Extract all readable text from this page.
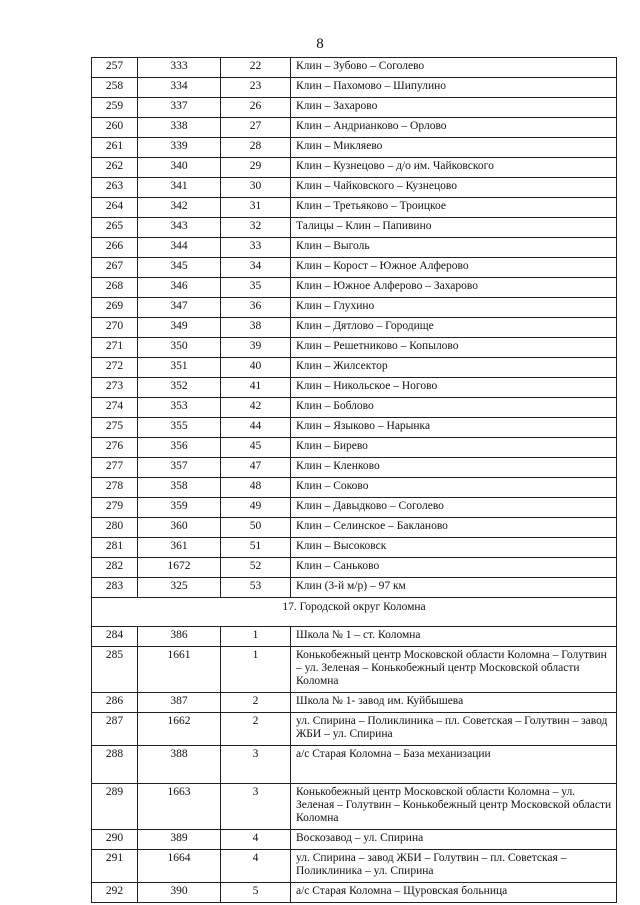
8
257	333	22	Клин – Зубово – Соголево
258	334	23	Клин – Пахомово – Шипулино
259	337	26	Клин – Захарово
260	338	27	Клин – Андрианково – Орлово
261	339	28	Клин – Микляево
262	340	29	Клин – Кузнецово – д/о им. Чайковского
263	341	30	Клин – Чайковского – Кузнецово
264	342	31	Клин – Третьяково – Троицкое
265	343	32	Талицы – Клин – Папивино
266	344	33	Клин – Выголь
267	345	34	Клин – Корост – Южное Алферово
268	346	35	Клин – Южное Алферово – Захарово
269	347	36	Клин – Глухино
270	349	38	Клин – Дятлово – Городище
271	350	39	Клин – Решетниково – Копылово
272	351	40	Клин – Жилсектор
273	352	41	Клин – Никольское – Ногово
274	353	42	Клин – Боблово
275	355	44	Клин – Языково – Нарынка
276	356	45	Клин – Бирево
277	357	47	Клин – Кленково
278	358	48	Клин – Соково
279	359	49	Клин – Давыдково – Соголево
280	360	50	Клин – Селинское – Бакланово
281	361	51	Клин – Высоковск
282	1672	52	Клин – Саньково
283	325	53	Клин (3-й м/р) – 97 км
17. Городской округ Коломна			
284	386	1	Школа № 1 – ст. Коломна
285	1661	1	Конькобежный центр Московской области Коломна – Голутвин – ул. Зеленая – Конькобежный центр Московской области Коломна
286	387	2	Школа № 1- завод им. Куйбышева
287	1662	2	ул. Спирина – Поликлиника – пл. Советская – Голутвин – завод ЖБИ – ул. Спирина
288	388	3	а/с Старая Коломна – База механизации
289	1663	3	Конькобежный центр Московской области Коломна – ул. Зеленая – Голутвин – Конькобежный центр Московской области Коломна
290	389	4	Воскозавод – ул. Спирина
291	1664	4	ул. Спирина – завод ЖБИ – Голутвин – пл. Советская – Поликлиника – ул. Спирина
292	390	5	а/с Старая Коломна – Щуровская больница
